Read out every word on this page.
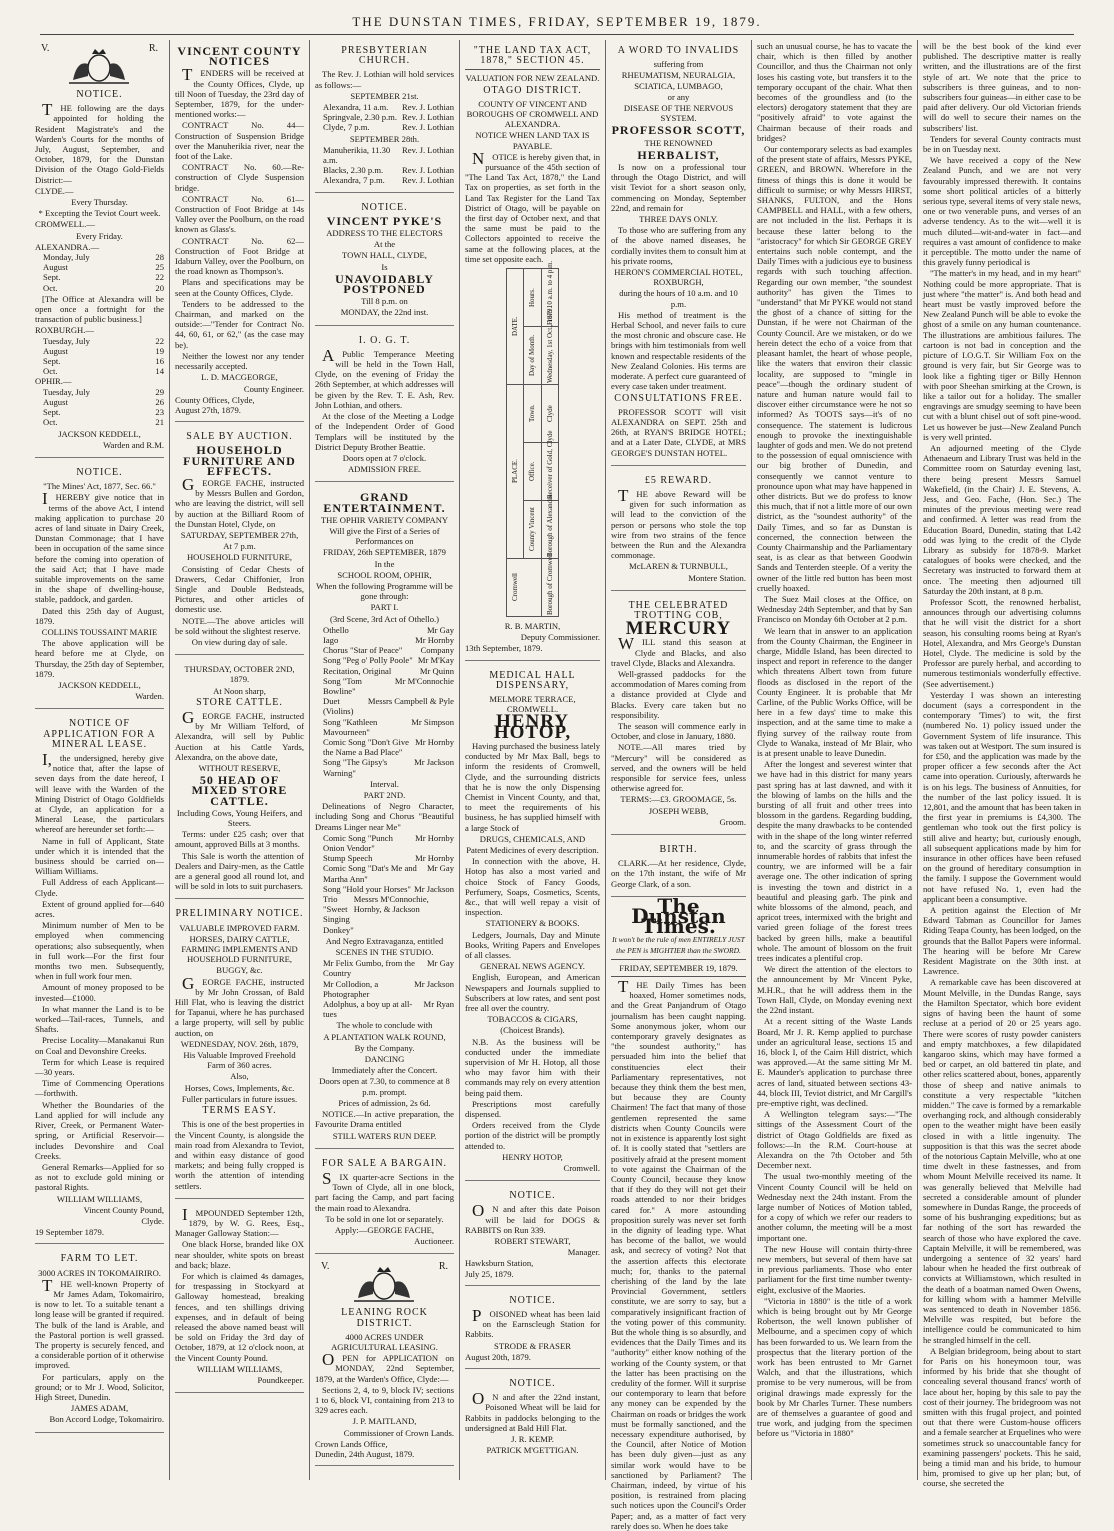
THE DUNSTAN TIMES, FRIDAY, SEPTEMBER 19, 1879.
V.	R.
NOTICE.
THE following are the days appointed for holding the Resident Magistrate's and the Warden's Courts for the months of July, August, September, and October, 1879, for the Dunstan Division of the Otago Gold-Fields District:—
CLYDE.—
Every Thursday.
* Excepting the Teviot Court week.
CROMWELL.—
Every Friday.
ALEXANDRA.—
Monday, July	28
August	25
Sept.	22
Oct.	20
[The Office at Alexandra will be open once a fortnight for the transaction of public business.]
ROXBURGH.—
Tuesday, July	22
August	19
Sept.	16
Oct.	14
OPHIR.—
Tuesday, July	29
August	26
Sept.	23
Oct.	21
JACKSON KEDDELL,
Warden and R.M.
NOTICE.
"The Mines' Act, 1877, Sec. 66."
IHEREBY give notice that in terms of the above Act, I intend making application to purchase 20 acres of land situate in Dairy Creek, Dunstan Commonage; that I have been in occupation of the same since before the coming into operation of the said Act; that I have made suitable improvements on the same in the shape of dwelling-house, stable, paddock, and garden.
Dated this 25th day of August, 1879.
COLLINS TOUSSAINT MARIE
The above application will be heard before me at Clyde, on Thursday, the 25th day of September, 1879.
JACKSON KEDDELL,
Warden.
NOTICE OF APPLICATION FOR A MINERAL LEASE.
I,the undersigned, hereby give notice that, after the lapse of seven days from the date hereof, I will leave with the Warden of the Mining District of Otago Goldfields at Clyde, an application for a Mineral Lease, the particulars whereof are hereunder set forth:—
Name in full of Applicant, State under which it is intended that the business should be carried on—William Williams.
Full Address of each Applicant—Clyde.
Extent of ground applied for—640 acres.
Minimum number of Men to be employed when commencing operations; also subsequently, when in full work—For the first four months two men. Subsequently, when in full work four men.
Amount of money proposed to be invested—£1000.
In what manner the Land is to be worked—Tail-races, Tunnels, and Shafts.
Precise Locality—Manakanui Run on Coal and Devonshire Creeks.
Term for which Lease is required—30 years.
Time of Commencing Operations—forthwith.
Whether the Boundaries of the Land applied for will include any River, Creek, or Permanent Water-spring, or Artificial Reservoir—includes Devonshire and Coal Creeks.
General Remarks—Applied for so as not to exclude gold mining or pastoral Rights.
WILLIAM WILLIAMS,
Vincent County Pound,
Clyde.
19 September 1879.
FARM TO LET.
3000 ACRES IN TOKOMAIRIRO.
THE well-known Property of Mr James Adam, Tokomairiro, is now to let. To a suitable tenant a long lease will be granted if required. The bulk of the land is Arable, and the Pastoral portion is well grassed. The property is securely fenced, and a considerable portion of it otherwise improved.
For particulars, apply on the ground; or to Mr J. Wood, Solicitor, High Street, Dunedin.
JAMES ADAM,
Bon Accord Lodge, Tokomairiro.
VINCENT COUNTY NOTICES
TENDERS will be received at the County Offices, Clyde, up till Noon of Tuesday, the 23rd day of September, 1879, for the under-mentioned works:—
CONTRACT No. 44—Construction of Suspension Bridge over the Manuherikia river, near the foot of the Lake.
CONTRACT No. 60.—Re-construction of Clyde Suspension bridge.
CONTRACT No. 61—Construction of Foot Bridge at 14s Valley over the Poolburn, on the road known as Glass's.
CONTRACT No. 62—Construction of Foot Bridge at Idaburn Valley, over the Poolburn, on the road known as Thompson's.
Plans and specifications may be seen at the County Offices, Clyde.
Tenders to be addressed to the Chairman, and marked on the outside:—"Tender for Contract No. 44, 60, 61, or 62," (as the case may be).
Neither the lowest nor any tender necessarily accepted.
L. D. MACGEORGE,
County Engineer.
County Offices, Clyde,
August 27th, 1879.
SALE BY AUCTION.
HOUSEHOLD FURNITURE AND EFFECTS.
GEORGE FACHE, instructed by Messrs Bullen and Gordon, who are leaving the district, will sell by auction at the Billiard Room of the Dunstan Hotel, Clyde, on
SATURDAY, SEPTEMBER 27th,
At 7 p.m.
HOUSEHOLD FURNITURE,
Consisting of Cedar Chests of Drawers, Cedar Chiffonier, Iron Single and Double Bedsteads, Pictures, and other articles of domestic use.
NOTE.—The above articles will be sold without the slightest reserve.
On view during day of sale.
THURSDAY, OCTOBER 2ND, 1879.
At Noon sharp,
STORE CATTLE.
GEORGE FACHE, instructed by Mr William Telford, of Alexandra, will sell by Public Auction at his Cattle Yards, Alexandra, on the above date,
WITHOUT RESERVE,
50 HEAD OF MIXED STORE CATTLE.
Including Cows, Young Heifers, and Steers.
Terms: under £25 cash; over that amount, approved Bills at 3 months.
This Sale is worth the attention of Dealers and Dairy-men, as the Cattle are a general good all round lot, and will be sold in lots to suit purchasers.
PRELIMINARY NOTICE.
VALUABLE IMPROVED FARM.
HORSES, DAIRY CATTLE, FARMING IMPLEMENTS AND HOUSEHOLD FURNITURE,
BUGGY, &c.
GEORGE FACHE, instructed by Mr John Crossan, of Bald Hill Flat, who is leaving the district for Tapanui, where he has purchased a large property, will sell by public auction, on
WEDNESDAY, NOV. 26th, 1879,
His Valuable Improved Freehold Farm of 360 acres.
Also,
Horses, Cows, Implements, &c.
Fuller particulars in future issues.
TERMS EASY.
This is one of the best properties in the Vincent County, is alongside the main road from Alexandra to Teviot, and within easy distance of good markets; and being fully cropped is worth the attention of intending settlers.
IMPOUNDED September 12th, 1879, by W. G. Rees, Esq., Manager Galloway Station:—
One black Horse, branded like OX near shoulder, white spots on breast and back; blaze.
For which is claimed 4s damages, for trespassing in Stockyard at Galloway homestead, breaking fences, and ten shillings driving expenses, and in default of being released the above named beast will be sold on Friday the 3rd day of October, 1879, at 12 o'clock noon, at the Vincent County Pound.
WILLIAM WILLIAMS,
Poundkeeper.
PRESBYTERIAN CHURCH.
The Rev. J. Lothian will hold services as follows:—
SEPTEMBER 21st.
Alexandra, 11 a.m.	Rev. J. Lothian
Springvale, 2.30 p.m. Rev. J. Lothian
Clyde, 7 p.m.	Rev. J. Lothian
SEPTEMBER 28th.
Manuherikia, 11.30 a.m.
Rev. J. Lothian
Blacks, 2.30 p.m.	Rev. J. Lothian
Alexandra, 7 p.m.	Rev. J. Lothian
NOTICE.
VINCENT PYKE'S
ADDRESS TO THE ELECTORS
At the
TOWN HALL, CLYDE,
Is
UNAVOIDABLY POSTPONED
Till 8 p.m. on
MONDAY, the 22nd inst.
I. O. G. T.
APublic Temperance Meeting will be held in the Town Hall, Clyde, on the evening of Friday the 26th September, at which addresses will be given by the Rev. T. E. Ash, Rev. John Lothian, and others.
At the close of the Meeting a Lodge of the Independent Order of Good Templars will be instituted by the District Deputy Brother Beattie.
Doors open at 7 o'clock.
ADMISSION FREE.
GRAND ENTERTAINMENT.
THE OPHIR VARIETY COMPANY
Will give the First of a Series of Performances on
FRIDAY, 26th SEPTEMBER, 1879
In the
SCHOOL ROOM, OPHIR,
When the following Programme will be gone through:
PART I.
(3rd Scene, 3rd Act of Othello.)
Othello	Mr Gay
Iago	Mr Hornby
Chorus "Star of Peace"	Company
Song "Peg o' Polly Poole" Mr M'Kay
Recitation, Original	Mr Quinn
Song "Tom Bowline"
Mr M'Connochie
Duet (Violins)
Messrs Campbell & Pyle
Song "Kathleen Mavourneen"
Mr Simpson
Comic Song "Don't Give the Name a Bad Place"
Mr Hornby
Song "The Gipsy's Warning"
Mr Jackson
Interval.
PART 2ND.
Delineations of Negro Character, including Song and Chorus "Beautiful Dreams Linger near Me"
Comic Song "Punch Onion Vendor"
Mr Hornby
Stump Speech	Mr Hornby
Comic Song "Dat's Me and Martha Ann"
Mr Gay
Song "Hold your Horses" Mr Jackson
Trio "Sweet Singing Donkey"
Messrs M'Connochie, Hornby, & Jackson
And Negro Extravaganza, entitled
SCENES IN THE STUDIO.
Mr Felix Gumbo, from the Country
Mr Gay
Mr Collodion, a Photographer
Mr Jackson
Adolphus, a boy up at all-tues
Mr Ryan
The whole to conclude with
A PLANTATION WALK ROUND,
By the Company.
DANCING
Immediately after the Concert.
Doors open at 7.30, to commence at 8 p.m. prompt.
Prices of admission, 2s 6d.
NOTICE.—In active preparation, the Favourite Drama entitled
STILL WATERS RUN DEEP.
FOR SALE A BARGAIN.
SIX quarter-acre Sections in the Town of Clyde, all in one block, part facing the Camp, and part facing the main road to Alexandra.
To be sold in one lot or separately.
Apply:—GEORGE FACHE,
Auctioneer.
V.	R.
LEANING ROCK DISTRICT.
4000 ACRES UNDER AGRICULTURAL LEASING.
OPEN for APPLICATION on MONDAY, 22nd September, 1879, at the Warden's Office, Clyde:—
Sections 2, 4, to 9, block IV; sections 1 to 6, block VI, containing from 213 to 329 acres each.
J. P. MAITLAND,
Commissioner of Crown Lands.
Crown Lands Office,
Dunedin, 24th August, 1879.
"THE LAND TAX ACT, 1878," SECTION 45.
VALUATION FOR NEW ZEALAND.
OTAGO DISTRICT.
COUNTY OF VINCENT AND BOROUGHS OF CROMWELL AND ALEXANDRA.
NOTICE WHEN LAND TAX IS PAYABLE.
NOTICE is hereby given that, in pursuance of the 45th section of "The Land Tax Act, 1878," the Land Tax on properties, as set forth in the Land Tax Register for the Land Tax District of Otago, will be payable on the first day of October next, and that the same must be paid to the Collectors appointed to receive the same at the following places, at the time set opposite each.
DATE.	Hours.	From 10 a.m. to 4 p.m.

	Day of Month.	Wednesday, 1st Oct., 1879.

PLACE.	Town.	Clyde

	Office.	Receiver of Gold, Clyde

	County Vincent	Borough of Alexandra

Cromwell		Borough of Cromwell
R. B. MARTIN,
Deputy Commissioner.
13th September, 1879.
MEDICAL HALL DISPENSARY,
MELMORE TERRACE, CROMWELL.
HENRY HOTOP,
Having purchased the business lately conducted by Mr Max Ball, begs to inform the residents of Cromwell, Clyde, and the surrounding districts that he is now the only Dispensing Chemist in Vincent County, and that, to meet the requirements of his business, he has supplied himself with a large Stock of
DRUGS, CHEMICALS, AND
Patent Medicines of every description.
In connection with the above, H. Hotop has also a most varied and choice Stock of Fancy Goods, Perfumery, Soaps, Cosmetics, Scents, &c., that will well repay a visit of inspection.
STATIONERY & BOOKS.
Ledgers, Journals, Day and Minute Books, Writing Papers and Envelopes of all classes.
GENERAL NEWS AGENCY.
English, European, and American Newspapers and Journals supplied to Subscribers at low rates, and sent post free all over the country.
TOBACCOS & CIGARS,
(Choicest Brands).
N.B. As the business will be conducted under the immediate supervision of Mr H. Hotop, all those who may favor him with their commands may rely on every attention being paid them.
Prescriptions most carefully dispensed.
Orders received from the Clyde portion of the district will be promptly attended to.
HENRY HOTOP,
Cromwell.
NOTICE.
ON and after this date Poison will be laid for DOGS & RABBITS on Run 339.
ROBERT STEWART,
Manager.
Hawksburn Station,
July 25, 1879.
NOTICE.
POISONED wheat has been laid on the Earnscleugh Station for Rabbits.
STRODE & FRASER
August 20th, 1879.
NOTICE.
ON and after the 22nd instant, Poisoned Wheat will be laid for Rabbits in paddocks belonging to the undersigned at Bald Hill Flat.
J. R. KEMP.
PATRICK M'GETTIGAN.
A WORD TO INVALIDS
suffering from
RHEUMATISM, NEURALGIA, SCIATICA, LUMBAGO,
or any
DISEASE OF THE NERVOUS SYSTEM.
PROFESSOR SCOTT,
THE RENOWNED
HERBALIST,
Is now on a professional tour through the Otago District, and will visit Teviot for a short season only, commencing on Monday, September 22nd, and remain for
THREE DAYS ONLY.
To those who are suffering from any of the above named diseases, he cordially invites them to consult him at his private rooms,
HERON'S COMMERCIAL HOTEL, ROXBURGH,
during the hours of 10 a.m. and 10 p.m.
His method of treatment is the Herbal School, and never fails to cure the most chronic and obscure case. He brings with him testimonials from well known and respectable residents of the New Zealand Colonies. His terms are moderate. A perfect cure guaranteed of every case taken under treatment.
CONSULTATIONS FREE.
PROFESSOR SCOTT will visit ALEXANDRA on SEPT. 25th and 26th, at RYAN'S BRIDGE HOTEL; and at a Later Date, CLYDE, at MRS GEORGE'S DUNSTAN HOTEL.
£5 REWARD.
THE above Reward will be given for such information as will lead to the conviction of the person or persons who stole the top wire from two strains of the fence between the Run and the Alexandra commonage.
McLAREN & TURNBULL,
Montere Station.
THE CELEBRATED TROTTING COB,
MERCURY
WILL stand this season at Clyde and Blacks, and also travel Clyde, Blacks and Alexandra.
Well-grassed paddocks for the accommodation of Mares coming from a distance provided at Clyde and Blacks. Every care taken but no responsibility.
The season will commence early in October, and close in January, 1880.
NOTE.—All mares tried by "Mercury" will be considered as served, and the owners will be held responsible for service fees, unless otherwise agreed for.
TERMS:—£3. GROOMAGE, 5s.
JOSEPH WEBB,
Groom.
BIRTH.
CLARK.—At her residence, Clyde, on the 17th instant, the wife of Mr George Clark, of a son.
The Dunstan Times.
It won't be the rule of men ENTIRELY JUST the PEN is MIGHTIER than the SWORD.
FRIDAY, SEPTEMBER 19, 1879.
THE Daily Times has been hoaxed, Homer sometimes nods, and the Great Panjandrum of Otago journalism has been caught napping. Some anonymous joker, whom our contemporary gravely designates as "the soundest authority," has persuaded him into the belief that constituencies elect their Parliamentary representatives, not because they think them the best men, but because they are County Chairmen! The fact that many of those gentlemen represented the same districts when County Councils were not in existence is apparently lost sight of. It is coolly stated that "settlers are positively afraid at the present moment to vote against the Chairman of the County Council, because they know that if they do they will not get their roads attended to nor their bridges cared for." A more astounding proposition surely was never set forth in the dignity of leading type. What has become of the ballot, we would ask, and secrecy of voting? Not that the assertion affects this electorate much; for, thanks to the paternal cherishing of the land by the late Provincial Government, settlers constitute, we are sorry to say, but a comparatively insignificant fraction of the voting power of this community. But the whole thing is so absurdly, and evidences that the Daily Times and its "authority" either know nothing of the working of the County system, or that the latter has been practising on the credulity of the former. Will it surprise our contemporary to learn that before any money can be expended by the Chairman on roads or bridges the work must be formally sanctioned, and the necessary expenditure authorised, by the Council, after Notice of Motion has been duly given—just as any similar work would have to be sanctioned by Parliament? The Chairman, indeed, by virtue of his position, is restrained from placing such notices upon the Council's Order Paper; and, as a matter of fact very rarely does so. When he does take
such an unusual course, he has to vacate the chair, which is then filled by another Councillor, and thus the Chairman not only loses his casting vote, but transfers it to the temporary occupant of the chair. What then becomes of the groundless and (to the electors) derogatory statement that they are "positively afraid" to vote against the Chairman because of their roads and bridges?
Our contemporary selects as bad examples of the present state of affairs, Messrs PYKE, GREEN, and BROWN. Wherefore in the fitness of things this is done it would be difficult to surmise; or why Messrs HIRST, SHANKS, FULTON, and the Hons CAMPBELL and HALL, with a few others, are not included in the list. Perhaps it is because these latter belong to the "aristocracy" for which Sir GEORGE GREY entertains such noble contempt, and the Daily Times with a judicious eye to business regards with such touching affection. Regarding our own member, "the soundest authority" has given the Times to "understand" that Mr PYKE would not stand the ghost of a chance of sitting for the Dunstan, if he were not Chairman of the County Council. Are we mistaken, or do we herein detect the echo of a voice from that pleasant hamlet, the heart of whose people, like the waters that environ their classic locality, are supposed to "mingle in peace"—though the ordinary student of nature and human nature would fail to discover either circumstance were he not so informed? As TOOTS says—it's of no consequence. The statement is ludicrous enough to provoke the inextinguishable laughter of gods and men. We do not pretend to the possession of equal omniscience with our big brother of Dunedin, and consequently we cannot venture to pronounce upon what may have happened in other districts. But we do profess to know this much, that if not a little more of our own district, as the "soundest authority" of the Daily Times, and so far as Dunstan is concerned, the connection between the County Chairmanship and the Parliamentary seat, is as clear as that between Goodwin Sands and Tenterden steeple. Of a verity the owner of the little red button has been most cruelly hoaxed.
The Suez Mail closes at the Office, on Wednesday 24th September, and that by San Francisco on Monday 6th October at 2 p.m.
We learn that in answer to an application from the County Chairman, the Engineer in charge, Middle Island, has been directed to inspect and report in reference to the danger which threatens Albert town from future floods as disclosed in the report of the County Engineer. It is probable that Mr Carline, of the Public Works Office, will be here in a few days' time to make this inspection, and at the same time to make a flying survey of the railway route from Clyde to Wanaka, instead of Mr Blair, who is at present unable to leave Dunedin.
After the longest and severest winter that we have had in this district for many years past spring has at last dawned, and with it the blowing of lambs on the hills and the bursting of all fruit and other trees into blossom in the gardens. Regarding budding, despite the many drawbacks to be contended with in the shape of the long winter referred to, and the scarcity of grass through the innumerable hordes of rabbits that infest the country, we are informed will be a fair average one. The other indication of spring is investing the town and district in a beautiful and pleasing garb. The pink and white blossoms of the almond, peach, and apricot trees, intermixed with the bright and varied green foliage of the forest trees backed by green hills, make a beautiful whole. The amount of blossom on the fruit trees indicates a plentiful crop.
We direct the attention of the electors to the announcement by Mr Vincent Pyke, M.H.R., that he will address them in the Town Hall, Clyde, on Monday evening next the 22nd instant.
At a recent sitting of the Waste Lands Board, Mr J. R. Kemp applied to purchase under an agricultural lease, sections 15 and 16, block I, of the Cairn Hill district, which was approved.—At the same sitting Mr M. E. Maunder's application to purchase three acres of land, situated between sections 43-44, block III, Teviot district, and Mr Cargill's pre-emptive right, was declined.
A Wellington telegram says:—"The sittings of the Assessment Court of the district of Otago Goldfields are fixed as follows:—In the R.M. Court-house at Alexandra on the 7th October and 5th December next.
The usual two-monthly meeting of the Vincent County Council will be held on Wednesday next the 24th instant. From the large number of Notices of Motion tabled, for a copy of which we refer our readers to another column, the meeting will be a most important one.
The new House will contain thirty-three new members, but several of them have sat in previous parliaments. Those who enter parliament for the first time number twenty-eight, exclusive of the Maories.
"Victoria in 1880" is the title of a work which is being brought out by Mr George Robertson, the well known publisher of Melbourne, and a specimen copy of which has been forwarded to us. We learn from the prospectus that the literary portion of the work has been entrusted to Mr Garnet Walch, and that the illustrations, which promise to be very numerous, will be from original drawings made expressly for the book by Mr Charles Turner. These numbers are of themselves a guarantee of good and true work, and judging from the specimen before us "Victoria in 1880"
will be the best book of the kind ever published. The descriptive matter is really written, and the illustrations are of the first style of art. We note that the price to subscribers is three guineas, and to non-subscribers four guineas—in either case to be paid after delivery. Our old Victorian friends will do well to secure their names on the subscribers' list.
Tenders for several County contracts must be in on Tuesday next.
We have received a copy of the New Zealand Punch, and we are not very favourably impressed therewith. It contains some short political articles of a bitterly serious type, several items of very stale news, one or two venerable puns, and verses of an adverse tendency. As to the wit—well it is much diluted—wit-and-water in fact—and requires a vast amount of confidence to make it perceptible. The motto under the name of this gravely funny periodical is
"The matter's in my head, and in my heart" Nothing could be more appropriate. That is just where "the matter" is. And both head and heart must be vastly improved before the New Zealand Punch will be able to evoke the ghost of a smile on any human countenance. The illustrations are ambitious failures. The cartoon is not bad in conception and the picture of I.O.G.T. Sir William Fox on the ground is very fair, but Sir George was to look like a fighting tiger or Billy Hennon with poor Sheehan smirking at the Crown, is like a tailor out for a holiday. The smaller engravings are smudgy seeming to have been cut with a blunt chisel out of soft pine-wood. Let us however be just—New Zealand Punch is very well printed.
An adjourned meeting of the Clyde Athenaeum and Library Trust was held in the Committee room on Saturday evening last, there being present Messrs Samuel Wakefield, (in the Chair) J. E. Stevens, A. Jess, and Geo. Fache, (Hon. Sec.) The minutes of the previous meeting were read and confirmed. A letter was read from the Education Board, Dunedin, stating that L42 odd was lying to the credit of the Clyde Library as subsidy for 1878-9. Market catalogues of books were checked, and the Secretary was instructed to forward them at once. The meeting then adjourned till Saturday the 20th instant, at 8 p.m.
Professor Scott, the renowned herbalist, announces through our advertising columns that he will visit the district for a short season, his consulting rooms being at Ryan's Hotel, Alexandra, and Mrs George's Dunstan Hotel, Clyde. The medicine is sold by the Professor are purely herbal, and according to numerous testimonials wonderfully effective. (See advertisement.)
Yesterday I was shown an interesting document (says a correspondent in the contemporary 'Times') to wit, the first (numbered No. 1) policy issued under the Government System of life insurance. This was taken out at Westport. The sum insured is for £50, and the application was made by the proper officer a few seconds after the Act came into operation. Curiously, afterwards he is on his legs. The business of Annuities, for the number of the last policy issued. It is 12,801, and the amount that has been taken in the first year in premiums is £4,300. The gentleman who took out the first policy is still alive and hearty; but, curiously enough, all subsequent applications made by him for insurance in other offices have been refused on the ground of hereditary consumption in the family. I suppose the Government would not have refused No. 1, even had the applicant been a consumptive.
A petition against the Election of Mr Edward Tabman as Councillor for James Riding Teapa County, has been lodged, on the grounds that the Ballot Papers were informal. The hearing will be before Mr Carew Resident Magistrate on the 30th inst. at Lawrence.
A remarkable cave has been discovered at Mount Melville, in the Dundas Range, says the Hamilton Spectator, which bore evident signs of having been the haunt of some recluse at a period of 20 or 25 years ago. There were scores of rusty powder canisters and empty matchboxes, a few dilapidated kangaroo skins, which may have formed a bed or carpet, an old battered tin plate, and other relics scattered about, bones, apparently those of sheep and native animals to constitute a very respectable "kitchen midden." The cave is formed by a remarkable overhanging rock, and although considerably open to the weather might have been easily closed in with a little ingenuity. The supposition is that this was the secret abode of the notorious Captain Melville, who at one time dwelt in these fastnesses, and from whom Mount Melville received its name. It was generally believed that Melville had secreted a considerable amount of plunder somewhere in Dundas Range, the proceeds of some of his bushranging expeditions; but as far nothing of the sort has rewarded the search of those who have explored the cave. Captain Melville, it will be remembered, was undergoing a sentence of 32 years' hard labour when he headed the first outbreak of convicts at Williamstown, which resulted in the death of a boatman named Owen Owens, for killing whom with a hammer Melville was sentenced to death in November 1856. Melville was respited, but before the intelligence could be communicated to him he strangled himself in the cell.
A Belgian bridegroom, being about to start for Paris on his honeymoon tour, was informed by his bride that she thought of concealing several thousand francs' worth of lace about her, hoping by this sale to pay the cost of their journey. The bridegroom was not smitten with this frugal project, and pointed out that there were Custom-house officers and a female searcher at Erquelines who were sometimes struck so unaccountable fancy for examining passengers' pockets. This he said, being a timid man and his bride, to humour him, promised to give up her plan; but, of course, she secreted the
